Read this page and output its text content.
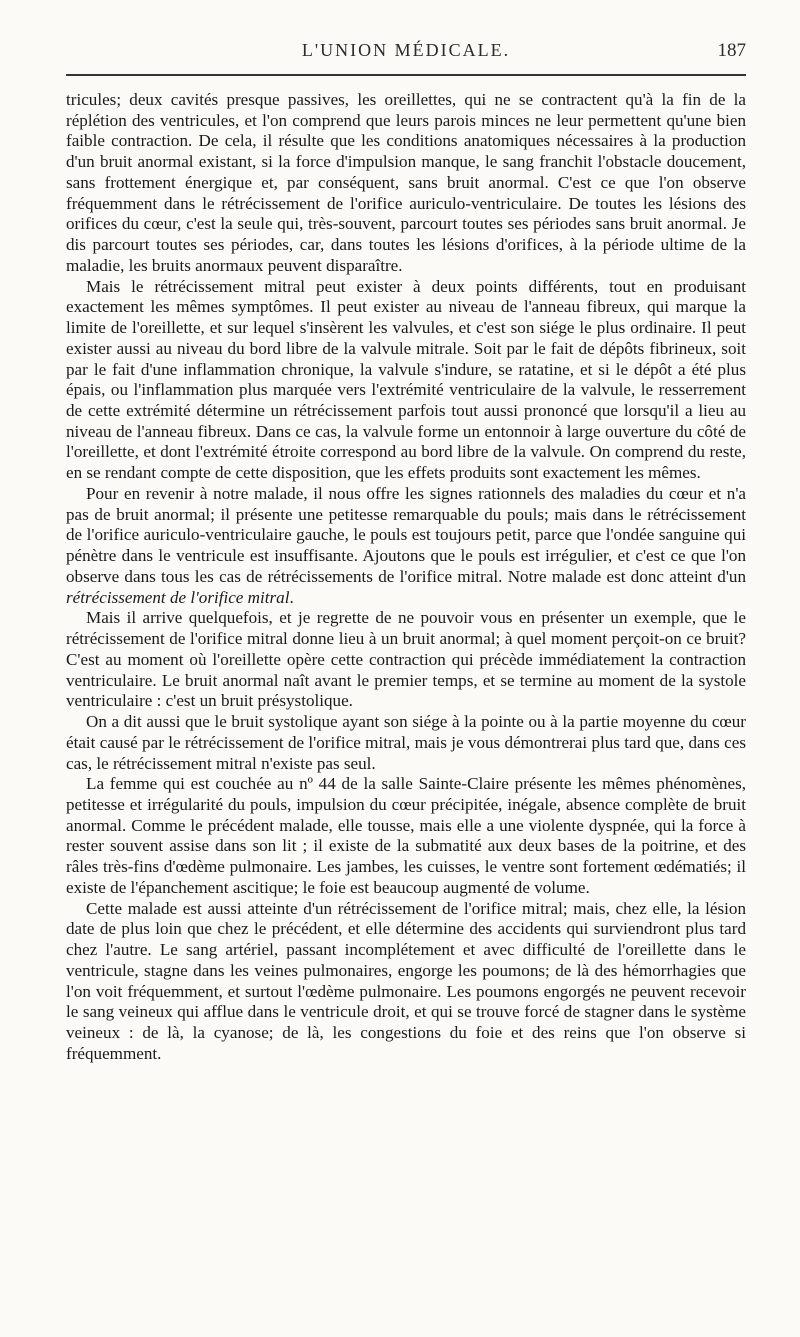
L'UNION MÉDICALE.	187

tricules; deux cavités presque passives, les oreillettes, qui ne se contractent qu'à la fin de la réplétion des ventricules, et l'on comprend que leurs parois minces ne leur permettent qu'une bien faible contraction. De cela, il résulte que les conditions anatomiques nécessaires à la production d'un bruit anormal existant, si la force d'impulsion manque, le sang franchit l'obstacle doucement, sans frottement énergique et, par conséquent, sans bruit anormal. C'est ce que l'on observe fréquemment dans le rétrécissement de l'orifice auriculo-ventriculaire. De toutes les lésions des orifices du cœur, c'est la seule qui, très-souvent, parcourt toutes ses périodes sans bruit anormal. Je dis parcourt toutes ses périodes, car, dans toutes les lésions d'orifices, à la période ultime de la maladie, les bruits anormaux peuvent disparaître.

Mais le rétrécissement mitral peut exister à deux points différents, tout en produisant exactement les mêmes symptômes. Il peut exister au niveau de l'anneau fibreux, qui marque la limite de l'oreillette, et sur lequel s'insèrent les valvules, et c'est son siége le plus ordinaire. Il peut exister aussi au niveau du bord libre de la valvule mitrale. Soit par le fait de dépôts fibrineux, soit par le fait d'une inflammation chronique, la valvule s'indure, se ratatine, et si le dépôt a été plus épais, ou l'inflammation plus marquée vers l'extrémité ventriculaire de la valvule, le resserrement de cette extrémité détermine un rétrécissement parfois tout aussi prononcé que lorsqu'il a lieu au niveau de l'anneau fibreux. Dans ce cas, la valvule forme un entonnoir à large ouverture du côté de l'oreillette, et dont l'extrémité étroite correspond au bord libre de la valvule. On comprend du reste, en se rendant compte de cette disposition, que les effets produits sont exactement les mêmes.

Pour en revenir à notre malade, il nous offre les signes rationnels des maladies du cœur et n'a pas de bruit anormal; il présente une petitesse remarquable du pouls; mais dans le rétrécissement de l'orifice auriculo-ventriculaire gauche, le pouls est toujours petit, parce que l'ondée sanguine qui pénètre dans le ventricule est insuffisante. Ajoutons que le pouls est irrégulier, et c'est ce que l'on observe dans tous les cas de rétrécissements de l'orifice mitral. Notre malade est donc atteint d'un rétrécissement de l'orifice mitral.

Mais il arrive quelquefois, et je regrette de ne pouvoir vous en présenter un exemple, que le rétrécissement de l'orifice mitral donne lieu à un bruit anormal; à quel moment perçoit-on ce bruit? C'est au moment où l'oreillette opère cette contraction qui précède immédiatement la contraction ventriculaire. Le bruit anormal naît avant le premier temps, et se termine au moment de la systole ventriculaire : c'est un bruit présystolique.

On a dit aussi que le bruit systolique ayant son siége à la pointe ou à la partie moyenne du cœur était causé par le rétrécissement de l'orifice mitral, mais je vous démontrerai plus tard que, dans ces cas, le rétrécissement mitral n'existe pas seul.

La femme qui est couchée au nº 44 de la salle Sainte-Claire présente les mêmes phénomènes, petitesse et irrégularité du pouls, impulsion du cœur précipitée, inégale, absence complète de bruit anormal. Comme le précédent malade, elle tousse, mais elle a une violente dyspnée, qui la force à rester souvent assise dans son lit ; il existe de la submatité aux deux bases de la poitrine, et des râles très-fins d'œdème pulmonaire. Les jambes, les cuisses, le ventre sont fortement œdématiés; il existe de l'épanchement ascitique; le foie est beaucoup augmenté de volume.

Cette malade est aussi atteinte d'un rétrécissement de l'orifice mitral; mais, chez elle, la lésion date de plus loin que chez le précédent, et elle détermine des accidents qui surviendront plus tard chez l'autre. Le sang artériel, passant incomplétement et avec difficulté de l'oreillette dans le ventricule, stagne dans les veines pulmonaires, engorge les poumons; de là des hémorrhagies que l'on voit fréquemment, et surtout l'œdème pulmonaire. Les poumons engorgés ne peuvent recevoir le sang veineux qui afflue dans le ventricule droit, et qui se trouve forcé de stagner dans le système veineux : de là, la cyanose; de là, les congestions du foie et des reins que l'on observe si fréquemment.
